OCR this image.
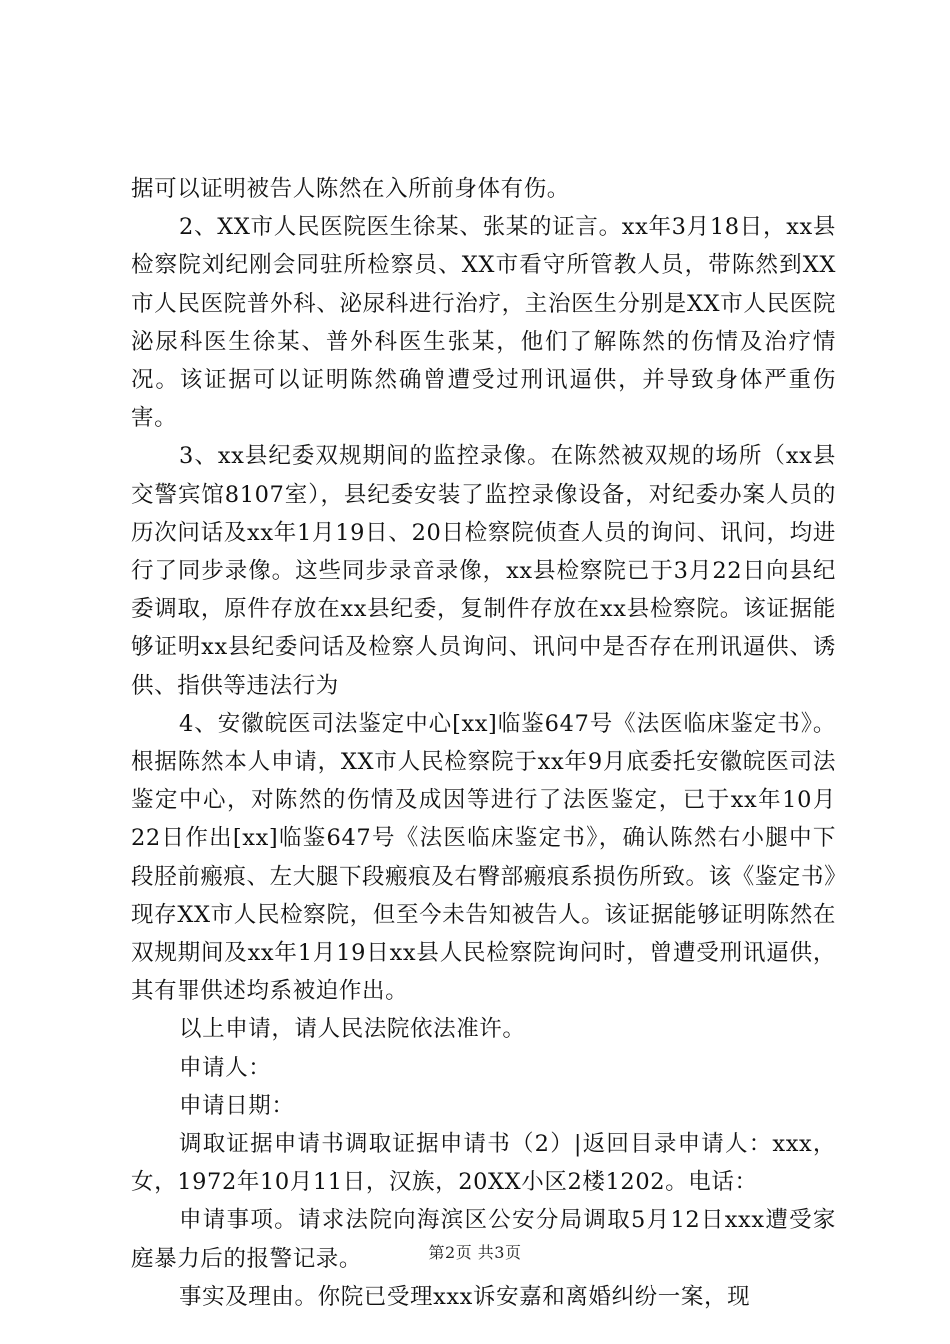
据可以证明被告人陈然在入所前身体有伤。

2、XX市人民医院医生徐某、张某的证言。xx年3月18日，xx县检察院刘纪刚会同驻所检察员、XX市看守所管教人员，带陈然到XX市人民医院普外科、泌尿科进行治疗，主治医生分别是XX市人民医院泌尿科医生徐某、普外科医生张某，他们了解陈然的伤情及治疗情况。该证据可以证明陈然确曾遭受过刑讯逼供，并导致身体严重伤害。

3、xx县纪委双规期间的监控录像。在陈然被双规的场所（xx县交警宾馆8107室），县纪委安装了监控录像设备，对纪委办案人员的历次问话及xx年1月19日、20日检察院侦查人员的询问、讯问，均进行了同步录像。这些同步录音录像，xx县检察院已于3月22日向县纪委调取，原件存放在xx县纪委，复制件存放在xx县检察院。该证据能够证明xx县纪委问话及检察人员询问、讯问中是否存在刑讯逼供、诱供、指供等违法行为

4、安徽皖医司法鉴定中心[xx]临鉴647号《法医临床鉴定书》。根据陈然本人申请，XX市人民检察院于xx年9月底委托安徽皖医司法鉴定中心，对陈然的伤情及成因等进行了法医鉴定，已于xx年10月22日作出[xx]临鉴647号《法医临床鉴定书》，确认陈然右小腿中下段胫前瘢痕、左大腿下段瘢痕及右臀部瘢痕系损伤所致。该《鉴定书》现存XX市人民检察院，但至今未告知被告人。该证据能够证明陈然在双规期间及xx年1月19日xx县人民检察院询问时，曾遭受刑讯逼供，其有罪供述均系被迫作出。

以上申请，请人民法院依法准许。

申请人：

申请日期：

调取证据申请书调取证据申请书（2）|返回目录申请人：xxx，女，1972年10月11日，汉族，20XX小区2楼1202。电话：

申请事项。请求法院向海滨区公安分局调取5月12日xxx遭受家庭暴力后的报警记录。

事实及理由。你院已受理xxx诉安嘉和离婚纠纷一案，现

第2页 共3页
